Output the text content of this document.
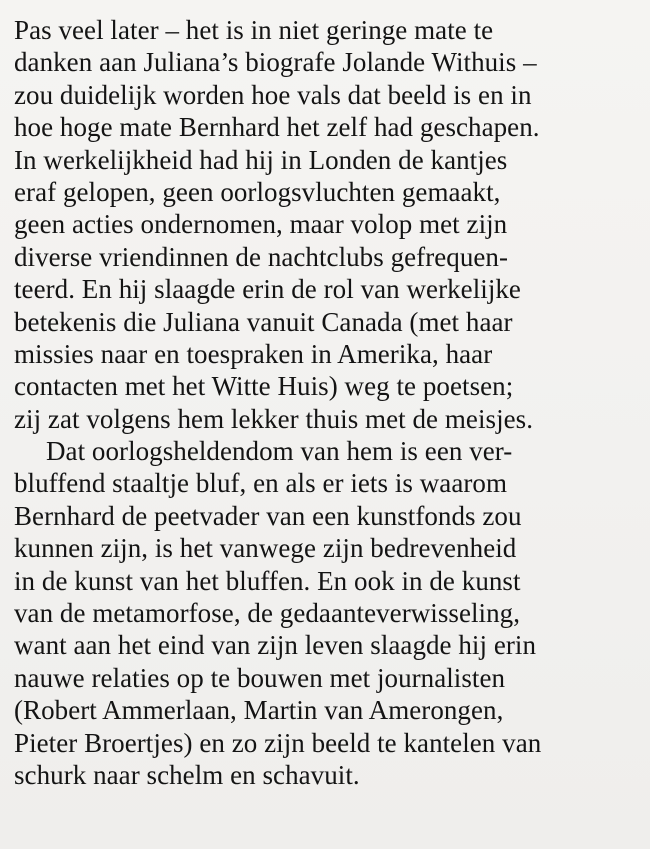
Pas veel later – het is in niet geringe mate te
danken aan Juliana’s biografe Jolande Withuis –
zou duidelijk worden hoe vals dat beeld is en in
hoe hoge mate Bernhard het zelf had geschapen.
In werkelijkheid had hij in Londen de kantjes
eraf gelopen, geen oorlogsvluchten gemaakt,
geen acties ondernomen, maar volop met zijn
diverse vriendinnen de nachtclubs gefrequen-
teerd. En hij slaagde erin de rol van werkelijke
betekenis die Juliana vanuit Canada (met haar
missies naar en toespraken in Amerika, haar
contacten met het Witte Huis) weg te poetsen;
zij zat volgens hem lekker thuis met de meisjes.
Dat oorlogsheldendom van hem is een ver-
bluffend staaltje bluf, en als er iets is waarom
Bernhard de peetvader van een kunstfonds zou
kunnen zijn, is het vanwege zijn bedrevenheid
in de kunst van het bluffen. En ook in de kunst
van de metamorfose, de gedaanteverwisseling,
want aan het eind van zijn leven slaagde hij erin
nauwe relaties op te bouwen met journalisten
(Robert Ammerlaan, Martin van Amerongen,
Pieter Broertjes) en zo zijn beeld te kantelen van
schurk naar schelm en schavuit.
